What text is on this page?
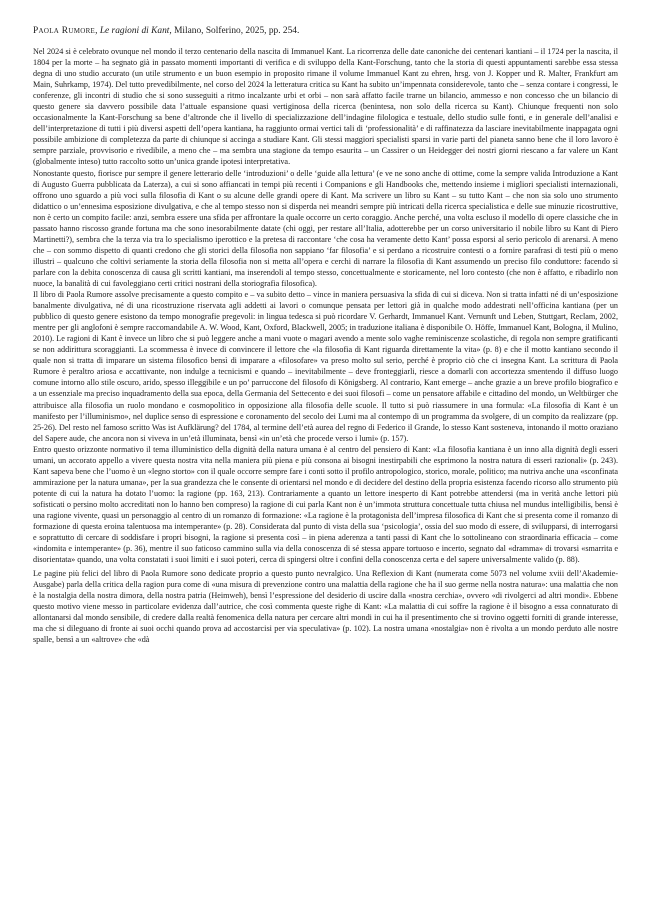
Paola Rumore, Le ragioni di Kant, Milano, Solferino, 2025, pp. 254.

Nel 2024 si è celebrato ovunque nel mondo il terzo centenario della nascita di Immanuel Kant. La ricorrenza delle date canoniche dei centenari kantiani – il 1724 per la nascita, il 1804 per la morte – ha segnato già in passato momenti importanti di verifica e di sviluppo della Kant-Forschung, tanto che la storia di questi appuntamenti sarebbe essa stessa degna di uno studio accurato (un utile strumento e un buon esempio in proposito rimane il volume Immanuel Kant zu ehren, hrsg. von J. Kopper und R. Malter, Frankfurt am Main, Suhrkamp, 1974). Del tutto prevedibilmente, nel corso del 2024 la letteratura critica su Kant ha subito un’impennata considerevole, tanto che – senza contare i congressi, le conferenze, gli incontri di studio che si sono susseguiti a ritmo incalzante urbi et orbi – non sarà affatto facile trarne un bilancio, ammesso e non concesso che un bilancio di questo genere sia davvero possibile data l’attuale espansione quasi vertiginosa della ricerca (benintesa, non solo della ricerca su Kant). Chiunque frequenti non solo occasionalmente la Kant-Forschung sa bene d’altronde che il livello di specializzazione dell’indagine filologica e testuale, dello studio sulle fonti, e in generale dell’analisi e dell’interpretazione di tutti i più diversi aspetti dell’opera kantiana, ha raggiunto ormai vertici tali di ‘professionalità’ e di raffinatezza da lasciare inevitabilmente inappagata ogni possibile ambizione di completezza da parte di chiunque si accinga a studiare Kant. Gli stessi maggiori specialisti sparsi in varie parti del pianeta sanno bene che il loro lavoro è sempre parziale, provvisorio e rivedibile, a meno che – ma sembra una stagione da tempo esaurita – un Cassirer o un Heidegger dei nostri giorni riescano a far valere un Kant (globalmente inteso) tutto raccolto sotto un’unica grande ipotesi interpretativa.

Nonostante questo, fiorisce pur sempre il genere letterario delle ‘introduzioni’ o delle ‘guide alla lettura’ (e ve ne sono anche di ottime, come la sempre valida Introduzione a Kant di Augusto Guerra pubblicata da Laterza), a cui si sono affiancati in tempi più recenti i Companions e gli Handbooks che, mettendo insieme i migliori specialisti internazionali, offrono uno sguardo a più voci sulla filosofia di Kant o su alcune delle grandi opere di Kant. Ma scrivere un libro su Kant – su tutto Kant – che non sia solo uno strumento didattico o un’ennesima esposizione divulgativa, e che al tempo stesso non si disperda nei meandri sempre più intricati della ricerca specialistica e delle sue minuzie ricostruttive, non è certo un compito facile: anzi, sembra essere una sfida per affrontare la quale occorre un certo coraggio. Anche perché, una volta escluso il modello di opere classiche che in passato hanno riscosso grande fortuna ma che sono inesorabilmente datate (chi oggi, per restare all’Italia, adotterebbe per un corso universitario il nobile libro su Kant di Piero Martinetti?), sembra che la terza via tra lo specialismo iperottico e la pretesa di raccontare ‘che cosa ha veramente detto Kant’ possa esporsi al serio pericolo di arenarsi. A meno che – con sommo dispetto di quanti credono che gli storici della filosofia non sappiano ‘far filosofia’ e si perdano a ricostruire contesti o a fornire parafrasi di testi più o meno illustri – qualcuno che coltivi seriamente la storia della filosofia non si metta all’opera e cerchi di narrare la filosofia di Kant assumendo un preciso filo conduttore: facendo sì parlare con la debita conoscenza di causa gli scritti kantiani, ma inserendoli al tempo stesso, concettualmente e storicamente, nel loro contesto (che non è affatto, e ribadirlo non nuoce, la banalità di cui favoleggiano certi critici nostrani della storiografia filosofica).

Il libro di Paola Rumore assolve precisamente a questo compito e – va subito detto – vince in maniera persuasiva la sfida di cui si diceva. Non si tratta infatti né di un’esposizione banalmente divulgativa, né di una ricostruzione riservata agli addetti ai lavori o comunque pensata per lettori già in qualche modo addestrati nell’officina kantiana (per un pubblico di questo genere esistono da tempo monografie pregevoli: in lingua tedesca si può ricordare V. Gerhardt, Immanuel Kant. Vernunft und Leben, Stuttgart, Reclam, 2002, mentre per gli anglofoni è sempre raccomandabile A. W. Wood, Kant, Oxford, Blackwell, 2005; in traduzione italiana è disponibile O. Höffe, Immanuel Kant, Bologna, il Mulino, 2010). Le ragioni di Kant è invece un libro che si può leggere anche a mani vuote o magari avendo a mente solo vaghe reminiscenze scolastiche, di regola non sempre gratificanti se non addirittura scoraggianti. La scommessa è invece di convincere il lettore che «la filosofia di Kant riguarda direttamente la vita» (p. 8) e che il motto kantiano secondo il quale non si tratta di imparare un sistema filosofico bensì di imparare a «filosofare» va preso molto sul serio, perché è proprio ciò che ci insegna Kant. La scrittura di Paola Rumore è peraltro ariosa e accattivante, non indulge a tecnicismi e quando – inevitabilmente – deve fronteggiarli, riesce a domarli con accortezza smentendo il diffuso luogo comune intorno allo stile oscuro, arido, spesso illeggibile e un po’ parruccone del filosofo di Königsberg. Al contrario, Kant emerge – anche grazie a un breve profilo biografico e a un essenziale ma preciso inquadramento della sua epoca, della Germania del Settecento e dei suoi filosofi – come un pensatore affabile e cittadino del mondo, un Weltbürger che attribuisce alla filosofia un ruolo mondano e cosmopolitico in opposizione alla filosofia delle scuole. Il tutto si può riassumere in una formula: «La filosofia di Kant è un manifesto per l’illuminismo», nel duplice senso di espressione e coronamento del secolo dei Lumi ma al contempo di un programma da svolgere, di un compito da realizzare (pp. 25-26). Del resto nel famoso scritto Was ist Aufklärung? del 1784, al termine dell’età aurea del regno di Federico il Grande, lo stesso Kant sosteneva, intonando il motto oraziano del Sapere aude, che ancora non si viveva in un’età illuminata, bensì «in un’età che procede verso i lumi» (p. 157).

Entro questo orizzonte normativo il tema illuministico della dignità della natura umana è al centro del pensiero di Kant: «La filosofia kantiana è un inno alla dignità degli esseri umani, un accorato appello a vivere questa nostra vita nella maniera più piena e più consona ai bisogni inestirpabili che esprimono la nostra natura di esseri razionali» (p. 243). Kant sapeva bene che l’uomo è un «legno storto» con il quale occorre sempre fare i conti sotto il profilo antropologico, storico, morale, politico; ma nutriva anche una «sconfinata ammirazione per la natura umana», per la sua grandezza che le consente di orientarsi nel mondo e di decidere del destino della propria esistenza facendo ricorso allo strumento più potente di cui la natura ha dotato l’uomo: la ragione (pp. 163, 213). Contrariamente a quanto un lettore inesperto di Kant potrebbe attendersi (ma in verità anche lettori più sofisticati o persino molto accreditati non lo hanno ben compreso) la ragione di cui parla Kant non è un’immota struttura concettuale tutta chiusa nel mundus intelligibilis, bensì è una ragione vivente, quasi un personaggio al centro di un romanzo di formazione: «La ragione è la protagonista dell’impresa filosofica di Kant che si presenta come il romanzo di formazione di questa eroina talentuosa ma intemperante» (p. 28). Considerata dal punto di vista della sua ‘psicologia’, ossia del suo modo di essere, di svilupparsi, di interrogarsi e soprattutto di cercare di soddisfare i propri bisogni, la ragione si presenta così – in piena aderenza a tanti passi di Kant che lo sottolineano con straordinaria efficacia – come «indomita e intemperante» (p. 36), mentre il suo faticoso cammino sulla via della conoscenza di sé stessa appare tortuoso e incerto, segnato dal «dramma» di trovarsi «smarrita e disorientata» quando, una volta constatati i suoi limiti e i suoi poteri, cerca di spingersi oltre i confini della conoscenza certa e del sapere universalmente valido (p. 88).

Le pagine più felici del libro di Paola Rumore sono dedicate proprio a questo punto nevralgico. Una Reflexion di Kant (numerata come 5073 nel volume xviii dell’Akademie-Ausgabe) parla della critica della ragion pura come di «una misura di prevenzione contro una malattia della ragione che ha il suo germe nella nostra natura»: una malattia che non è la nostalgia della nostra dimora, della nostra patria (Heimweh), bensì l’espressione del desiderio di uscire dalla «nostra cerchia», ovvero «di rivolgerci ad altri mondi». Ebbene questo motivo viene messo in particolare evidenza dall’autrice, che così commenta queste righe di Kant: «La malattia di cui soffre la ragione è il bisogno a essa connaturato di allontanarsi dal mondo sensibile, di credere dalla realtà fenomenica della natura per cercare altri mondi in cui ha il presentimento che si trovino oggetti forniti di grande interesse, ma che si dileguano di fronte ai suoi occhi quando prova ad accostarcisi per via speculativa» (p. 102). La nostra umana «nostalgia» non è rivolta a un mondo perduto alle nostre spalle, bensì a un «altrove» che «dà
